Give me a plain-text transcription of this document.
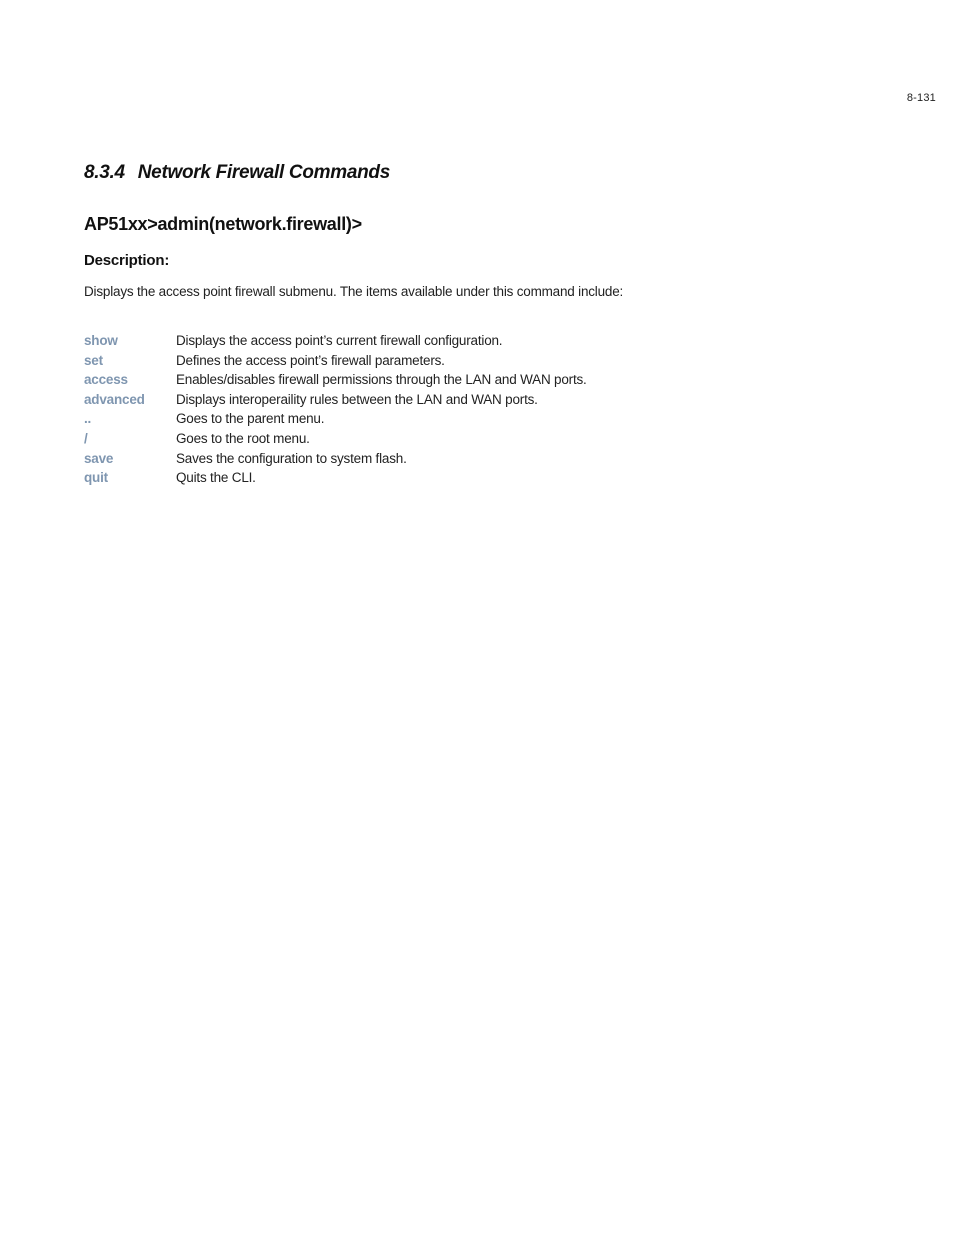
8-131
8.3.4 Network Firewall Commands
AP51xx>admin(network.firewall)>
Description:

Displays the access point firewall submenu. The items available under this command include:

show	Displays the access point’s current firewall configuration.
set	Defines the access point’s firewall parameters.
access	Enables/disables firewall permissions through the LAN and WAN ports.
advanced	Displays interoperaility rules between the LAN and WAN ports.
..	Goes to the parent menu.
/	Goes to the root menu.
save	Saves the configuration to system flash.
quit	Quits the CLI.
